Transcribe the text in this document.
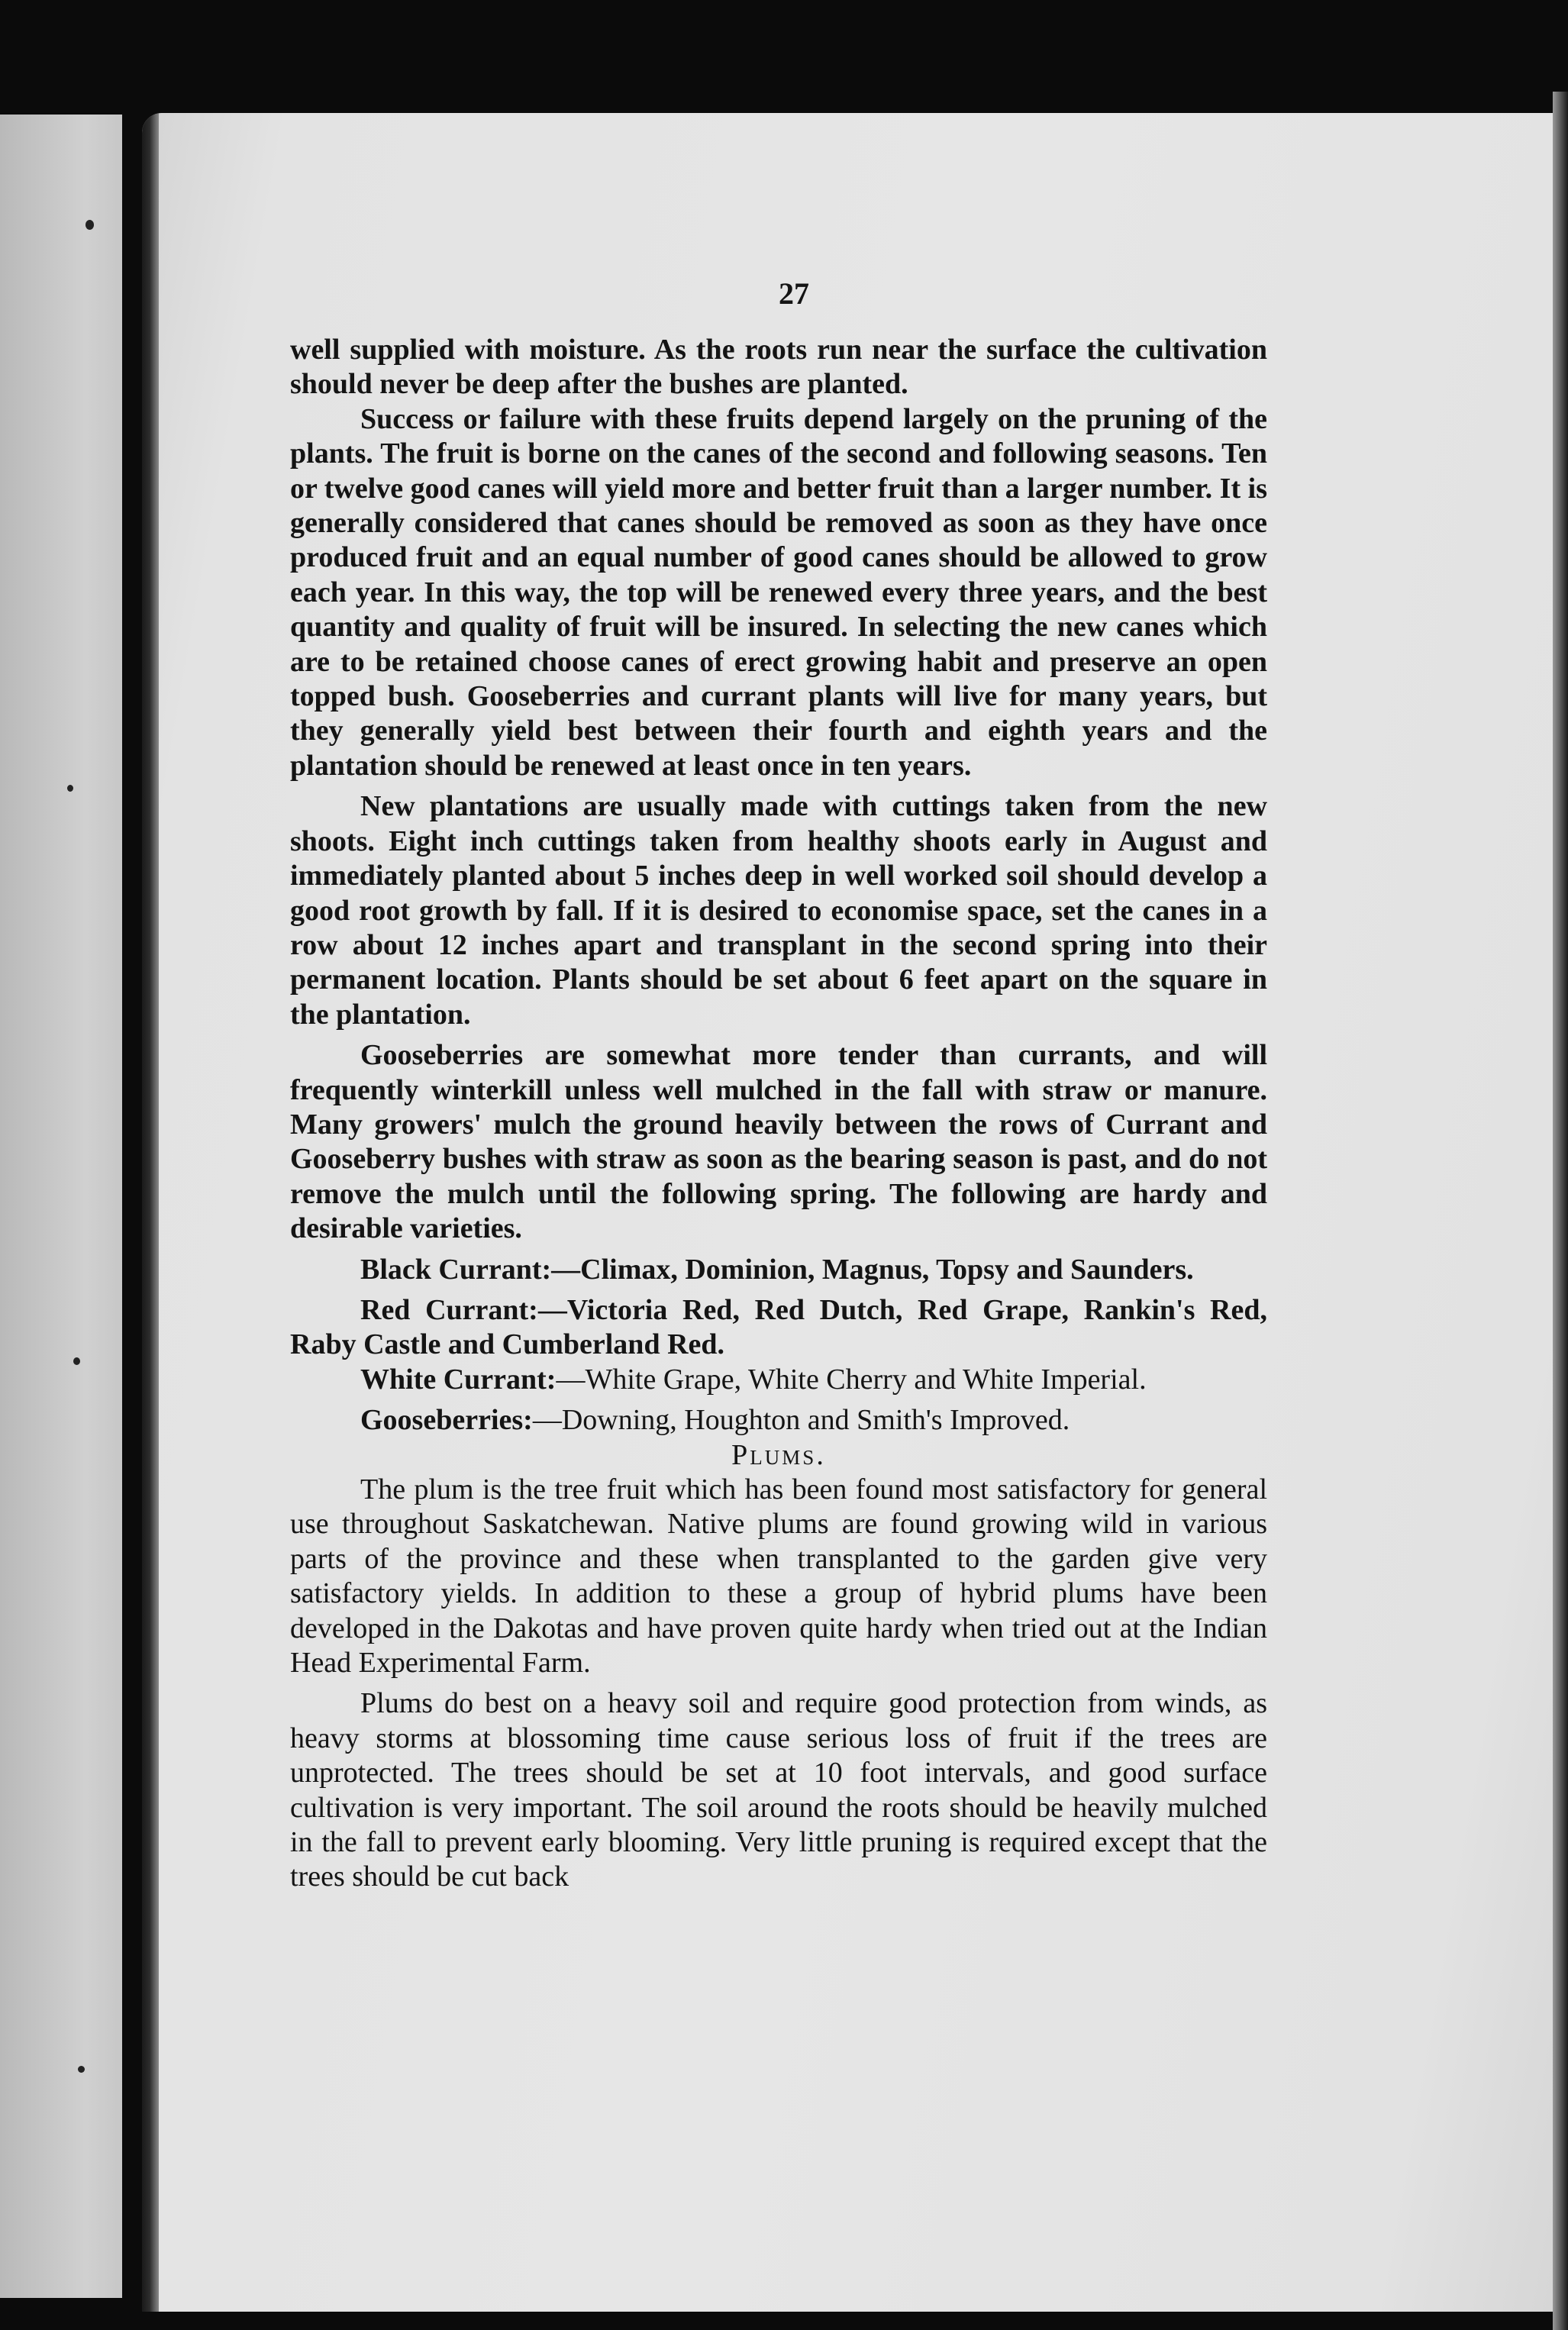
27

well supplied with moisture. As the roots run near the surface the cultivation should never be deep after the bushes are planted.

Success or failure with these fruits depend largely on the pruning of the plants. The fruit is borne on the canes of the second and following seasons. Ten or twelve good canes will yield more and better fruit than a larger number. It is generally considered that canes should be removed as soon as they have once produced fruit and an equal number of good canes should be allowed to grow each year. In this way, the top will be renewed every three years, and the best quantity and quality of fruit will be insured. In selecting the new canes which are to be retained choose canes of erect growing habit and preserve an open topped bush. Gooseberries and currant plants will live for many years, but they generally yield best between their fourth and eighth years and the plantation should be renewed at least once in ten years.

New plantations are usually made with cuttings taken from the new shoots. Eight inch cuttings taken from healthy shoots early in August and immediately planted about 5 inches deep in well worked soil should develop a good root growth by fall. If it is desired to economise space, set the canes in a row about 12 inches apart and transplant in the second spring into their permanent location. Plants should be set about 6 feet apart on the square in the plantation.

Gooseberries are somewhat more tender than currants, and will frequently winterkill unless well mulched in the fall with straw or manure. Many growers' mulch the ground heavily between the rows of Currant and Gooseberry bushes with straw as soon as the bearing season is past, and do not remove the mulch until the following spring. The following are hardy and desirable varieties.

Black Currant:—Climax, Dominion, Magnus, Topsy and Saunders.

Red Currant:—Victoria Red, Red Dutch, Red Grape, Rankin's Red, Raby Castle and Cumberland Red.

White Currant:—White Grape, White Cherry and White Imperial.

Gooseberries:—Downing, Houghton and Smith's Improved.

Plums.

The plum is the tree fruit which has been found most satisfactory for general use throughout Saskatchewan. Native plums are found growing wild in various parts of the province and these when transplanted to the garden give very satisfactory yields. In addition to these a group of hybrid plums have been developed in the Dakotas and have proven quite hardy when tried out at the Indian Head Experimental Farm.

Plums do best on a heavy soil and require good protection from winds, as heavy storms at blossoming time cause serious loss of fruit if the trees are unprotected. The trees should be set at 10 foot intervals, and good surface cultivation is very important. The soil around the roots should be heavily mulched in the fall to prevent early blooming. Very little pruning is required except that the trees should be cut back
